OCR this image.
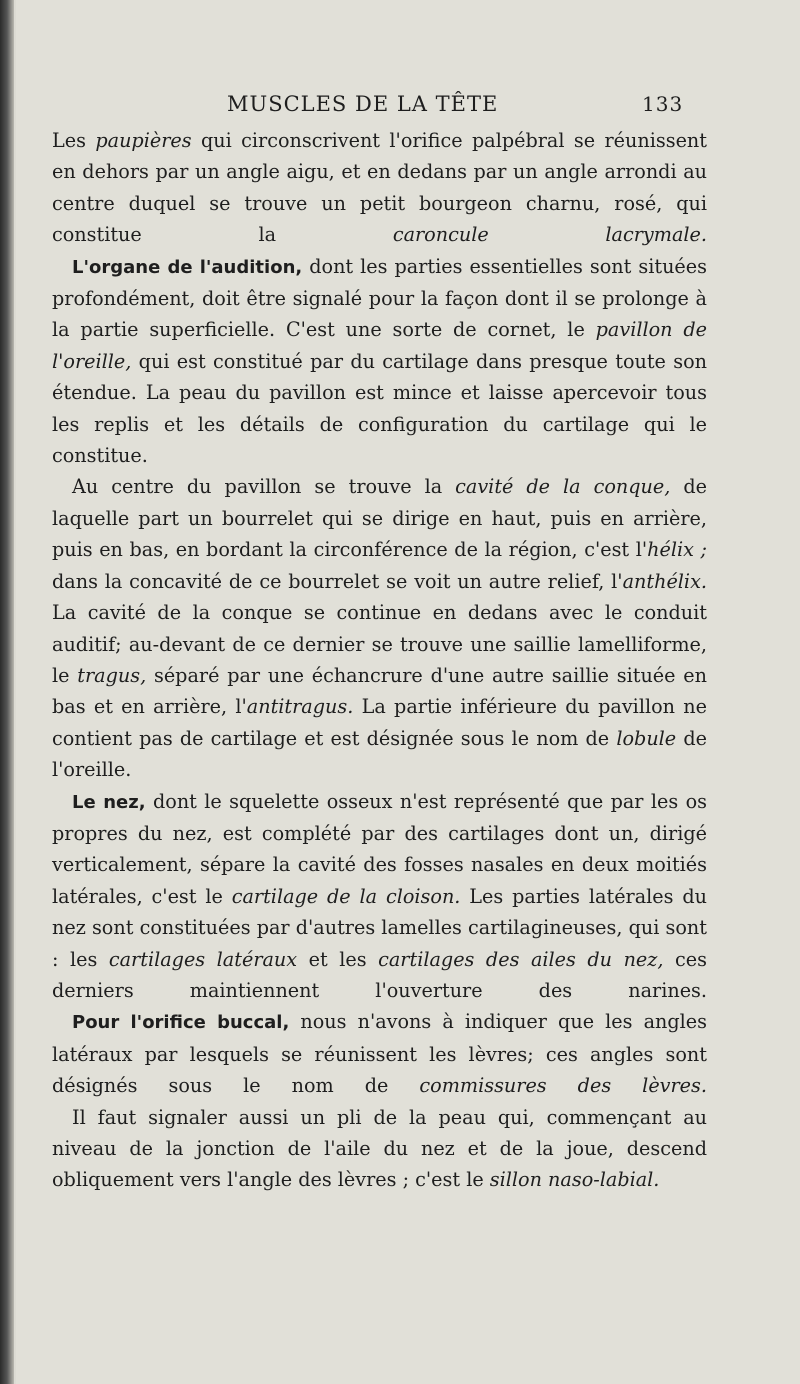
MUSCLES DE LA TÊTE	133

Les paupières qui circonscrivent l'orifice palpébral se réunissent en dehors par un angle aigu, et en dedans par un angle arrondi au centre duquel se trouve un petit bourgeon charnu, rosé, qui constitue la caroncule lacrymale.

L'organe de l'audition, dont les parties essentielles sont situées profondément, doit être signalé pour la façon dont il se prolonge à la partie superficielle. C'est une sorte de cornet, le pavillon de l'oreille, qui est constitué par du cartilage dans presque toute son étendue. La peau du pavillon est mince et laisse apercevoir tous les replis et les détails de configuration du cartilage qui le constitue.

Au centre du pavillon se trouve la cavité de la conque, de laquelle part un bourrelet qui se dirige en haut, puis en arrière, puis en bas, en bordant la circonférence de la région, c'est l'hélix ; dans la concavité de ce bourrelet se voit un autre relief, l'anthélix. La cavité de la conque se continue en dedans avec le conduit auditif; au-devant de ce dernier se trouve une saillie lamelliforme, le tragus, séparé par une échancrure d'une autre saillie située en bas et en arrière, l'antitragus. La partie inférieure du pavillon ne contient pas de cartilage et est désignée sous le nom de lobule de l'oreille.

Le nez, dont le squelette osseux n'est représenté que par les os propres du nez, est complété par des cartilages dont un, dirigé verticalement, sépare la cavité des fosses nasales en deux moitiés latérales, c'est le cartilage de la cloison. Les parties latérales du nez sont constituées par d'autres lamelles cartilagineuses, qui sont : les cartilages latéraux et les cartilages des ailes du nez, ces derniers maintiennent l'ouverture des narines.

Pour l'orifice buccal, nous n'avons à indiquer que les angles latéraux par lesquels se réunissent les lèvres; ces angles sont désignés sous le nom de commissures des lèvres.

Il faut signaler aussi un pli de la peau qui, commençant au niveau de la jonction de l'aile du nez et de la joue, descend obliquement vers l'angle des lèvres ; c'est le sillon naso-labial.
